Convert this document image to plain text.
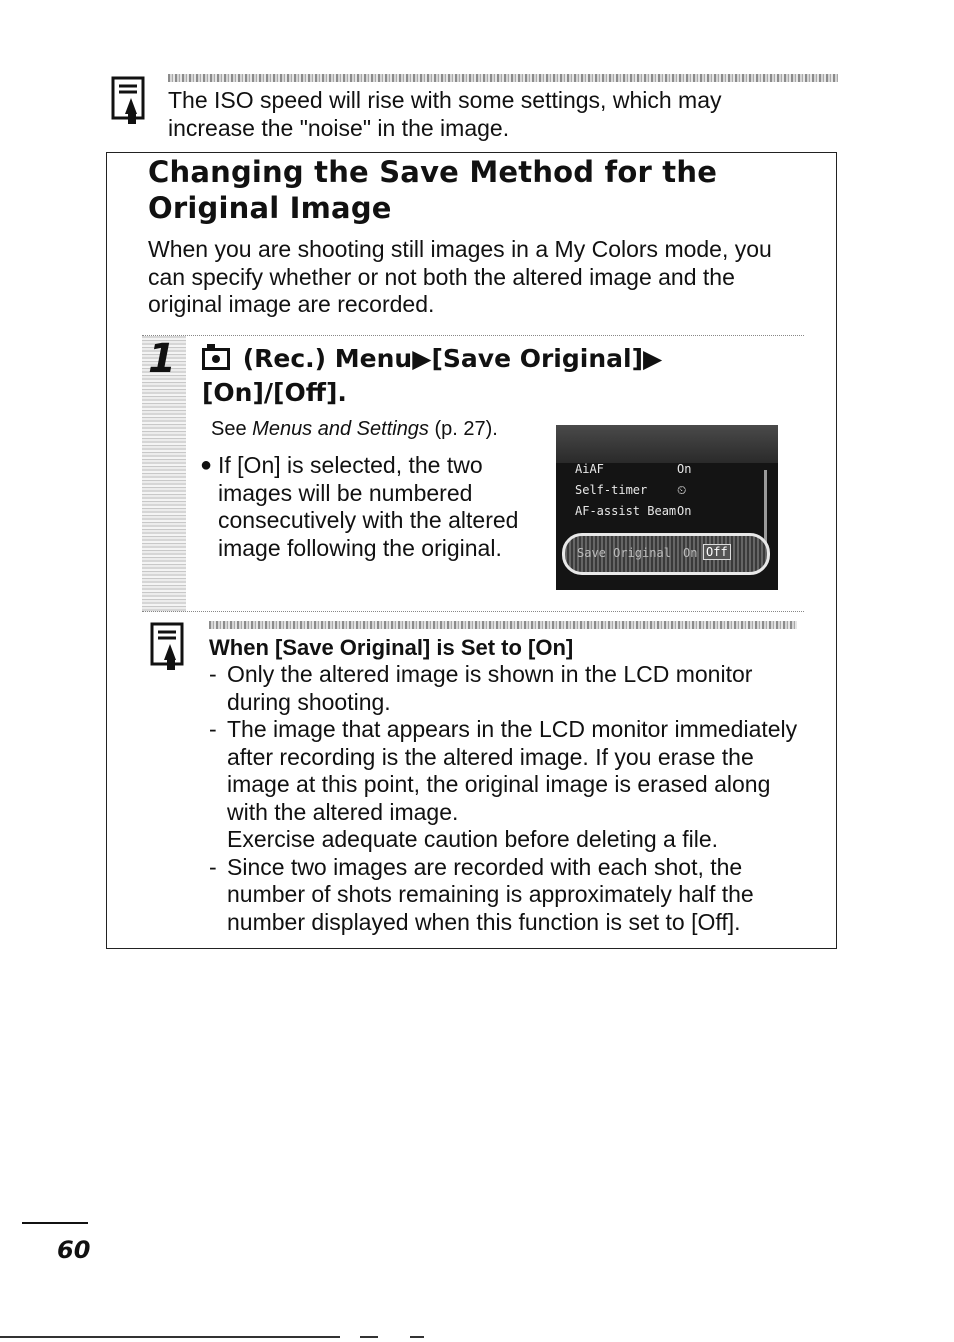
The ISO speed will rise with some settings, which may increase the "noise" in the image.
Changing the Save Method for the
Original Image
When you are shooting still images in a My Colors mode, you can specify whether or not both the altered image and the original image are recorded.
1	(Rec.) Menu▶[Save Original]▶
[On]/[Off].
See Menus and Settings (p. 27).
● If [On] is selected, the two images will be numbered consecutively with the altered image following the original.
AiAF	On
Self-timer ⏲
AF-assist Beam On
Save Original On Off
When [Save Original] is Set to [On]
- Only the altered image is shown in the LCD monitor during shooting.
- The image that appears in the LCD monitor immediately after recording is the altered image. If you erase the image at this point, the original image is erased along with the altered image.
Exercise adequate caution before deleting a file.
- Since two images are recorded with each shot, the number of shots remaining is approximately half the number displayed when this function is set to [Off].
60
